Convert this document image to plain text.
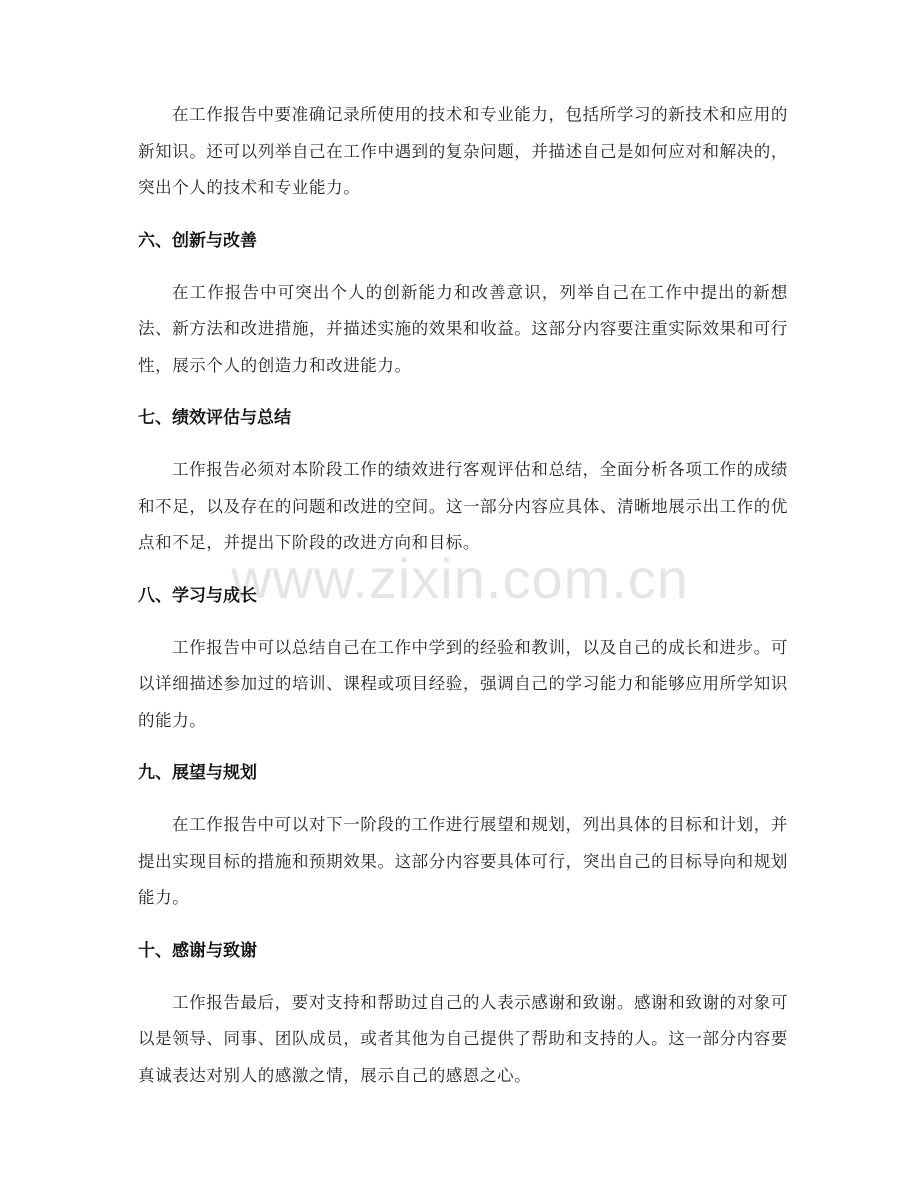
在工作报告中要准确记录所使用的技术和专业能力，包括所学习的新技术和应用的新知识。还可以列举自己在工作中遇到的复杂问题，并描述自己是如何应对和解决的，突出个人的技术和专业能力。

六、创新与改善

在工作报告中可突出个人的创新能力和改善意识，列举自己在工作中提出的新想法、新方法和改进措施，并描述实施的效果和收益。这部分内容要注重实际效果和可行性，展示个人的创造力和改进能力。

七、绩效评估与总结

工作报告必须对本阶段工作的绩效进行客观评估和总结，全面分析各项工作的成绩和不足，以及存在的问题和改进的空间。这一部分内容应具体、清晰地展示出工作的优点和不足，并提出下阶段的改进方向和目标。

八、学习与成长

工作报告中可以总结自己在工作中学到的经验和教训，以及自己的成长和进步。可以详细描述参加过的培训、课程或项目经验，强调自己的学习能力和能够应用所学知识的能力。

九、展望与规划

在工作报告中可以对下一阶段的工作进行展望和规划，列出具体的目标和计划，并提出实现目标的措施和预期效果。这部分内容要具体可行，突出自己的目标导向和规划能力。

十、感谢与致谢

工作报告最后，要对支持和帮助过自己的人表示感谢和致谢。感谢和致谢的对象可以是领导、同事、团队成员，或者其他为自己提供了帮助和支持的人。这一部分内容要真诚表达对别人的感激之情，展示自己的感恩之心。

www.zixin.com.cn
